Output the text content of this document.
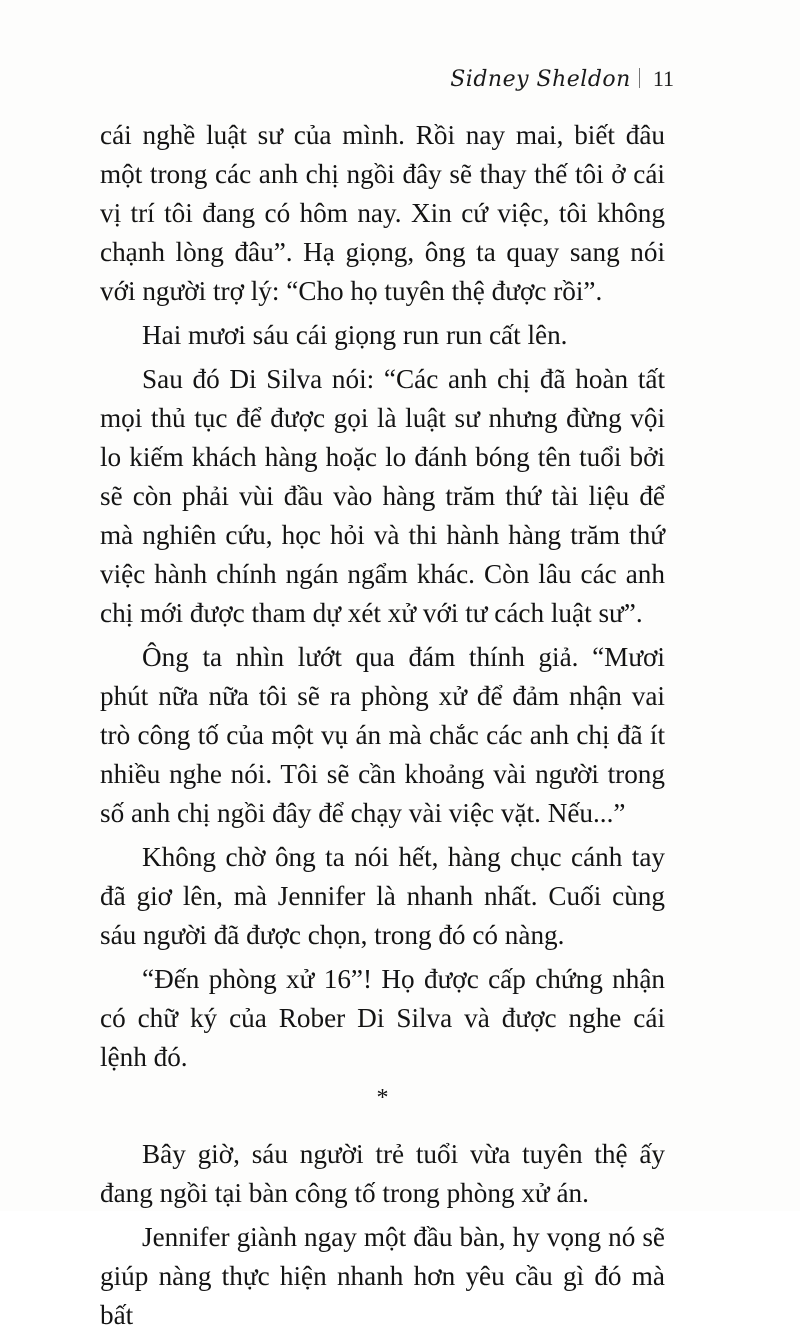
Sidney Sheldon 11

cái nghề luật sư của mình. Rồi nay mai, biết đâu một trong các anh chị ngồi đây sẽ thay thế tôi ở cái vị trí tôi đang có hôm nay. Xin cứ việc, tôi không chạnh lòng đâu”. Hạ giọng, ông ta quay sang nói với người trợ lý: “Cho họ tuyên thệ được rồi”.

Hai mươi sáu cái giọng run run cất lên.

Sau đó Di Silva nói: “Các anh chị đã hoàn tất mọi thủ tục để được gọi là luật sư nhưng đừng vội lo kiếm khách hàng hoặc lo đánh bóng tên tuổi bởi sẽ còn phải vùi đầu vào hàng trăm thứ tài liệu để mà nghiên cứu, học hỏi và thi hành hàng trăm thứ việc hành chính ngán ngẩm khác. Còn lâu các anh chị mới được tham dự xét xử với tư cách luật sư”.

Ông ta nhìn lướt qua đám thính giả. “Mươi phút nữa nữa tôi sẽ ra phòng xử để đảm nhận vai trò công tố của một vụ án mà chắc các anh chị đã ít nhiều nghe nói. Tôi sẽ cần khoảng vài người trong số anh chị ngồi đây để chạy vài việc vặt. Nếu...”

Không chờ ông ta nói hết, hàng chục cánh tay đã giơ lên, mà Jennifer là nhanh nhất. Cuối cùng sáu người đã được chọn, trong đó có nàng.

“Đến phòng xử 16”! Họ được cấp chứng nhận có chữ ký của Rober Di Silva và được nghe cái lệnh đó.

*

Bây giờ, sáu người trẻ tuổi vừa tuyên thệ ấy đang ngồi tại bàn công tố trong phòng xử án.

Jennifer giành ngay một đầu bàn, hy vọng nó sẽ giúp nàng thực hiện nhanh hơn yêu cầu gì đó mà bất
